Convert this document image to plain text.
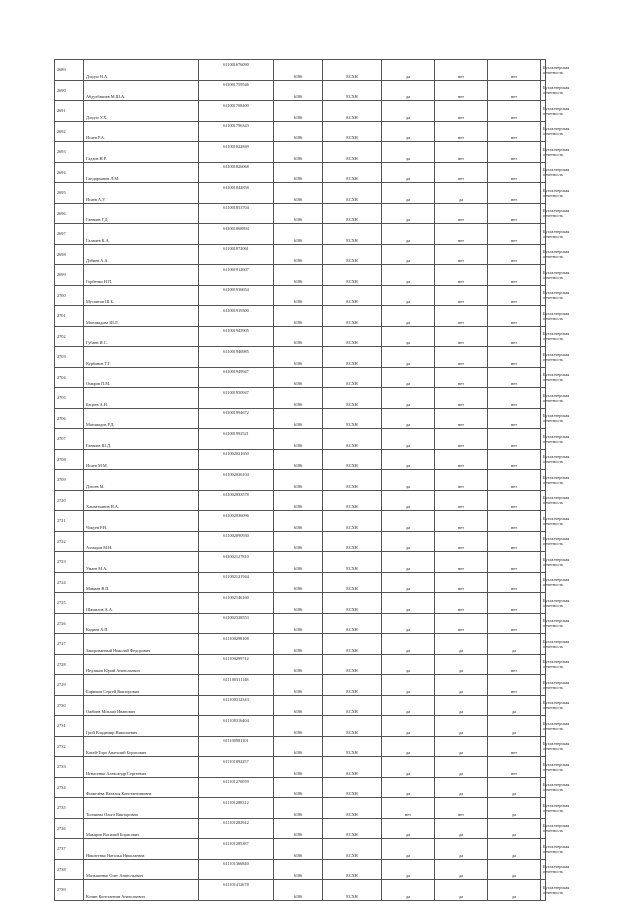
2689	Дзодзо Н.А.	611001676090	6186	ЕСХН	да	нет	нет	Бухгалтерская отчетность
2690	Абдулбакиев М.Ш.А.	611001759546	6186	ЕСХН	да	нет	нет	Бухгалтерская отчетность
2691	Дзодзо У.Х.	611001768400	6186	ЕСХН	да	нет	нет	Бухгалтерская отчетность
2692	Исаев Р.А.	611001796343	6186	ЕСХН	да	нет	нет	Бухгалтерская отчетность
2693	Гадзов Н.Р.	611001822849	6186	ЕСХН	да	нет	нет	Бухгалтерская отчетность
2694	Гандарханов Л.М.	611001826068	6186	ЕСХН	да	нет	нет	Бухгалтерская отчетность
2695	Исаев А.У.	611001842858	6186	ЕСХН	да	да	нет	Бухгалтерская отчетность
2696	Гаевиев Г.Д.	611001853704	6186	ЕСХН	да	нет	нет	Бухгалтерская отчетность
2697	Галаиев К.А.	611001868894	6186	ЕСХН	да	нет	нет	Бухгалтерская отчетность
2698	Дзбиев А.А.	611001872061	6186	ЕСХН	да	нет	нет	Бухгалтерская отчетность
2699	Горбенко Н.П.	611001912607	6186	ЕСХН	да	нет	нет	Бухгалтерская отчетность
2700	Мусаитов Ш.Б.	611001916654	6186	ЕСХН	да	нет	нет	Бухгалтерская отчетность
2701	Магомадова Ш.Л.	611001919300	6186	ЕСХН	да	нет	нет	Бухгалтерская отчетность
2702	Губаев И.С.	611001945905	6186	ЕСХН	да	нет	нет	Бухгалтерская отчетность
2703	Курбанов Т.Г.	611001946985	6186	ЕСХН	да	нет	нет	Бухгалтерская отчетность
2704	Омаров П.М.	611001949947	6186	ЕСХН	да	нет	нет	Бухгалтерская отчетность
2705	Бецаев А.Н.	611001950947	6186	ЕСХН	да	нет	нет	Бухгалтерская отчетность
2706	Магомадов Р.Д.	611001994672	6186	ЕСХН	да	нет	нет	Бухгалтерская отчетность
2707	Гаевиев Ш.Д.	611001992521	6186	ЕСХН	да	нет	нет	Бухгалтерская отчетность
2708	Исаев М.М.	611002021650	6186	ЕСХН	да	нет	нет	Бухгалтерская отчетность
2709	Дзгоев М.	611002026104	6186	ЕСХН	да	нет	нет	Бухгалтерская отчетность
2720	Хамзатханов Н.А.	611002033578	6186	ЕСХН	да	нет	нет	Бухгалтерская отчетность
2721	Чокуев Р.Н.	611002036096	6186	ЕСХН	да	нет	нет	Бухгалтерская отчетность
2722	Ахмадов М.Н.	611002090930	6186	ЕСХН	да	нет	нет	Бухгалтерская отчетность
2723	Умаев М.А.	611002127810	6186	ЕСХН	да	нет	нет	Бухгалтерская отчетность
2724	Мамаев В.П.	611002121944	6186	ЕСХН	да	нет	нет	Бухгалтерская отчетность
2725	Шамилов А.А.	611002146160	6186	ЕСХН	да	нет	нет	Бухгалтерская отчетность
2726	Кадиев А.П.	611002328553	6186	ЕСХН	да	нет	нет	Бухгалтерская отчетность
2727	Закорованный Николай Федорович	611100298108	6186	ЕСХН	да	да	да	Бухгалтерская отчетность
2728	Недзяков Юрий Анатольевич	611100299712	6186	ЕСХН	да	да	нет	Бухгалтерская отчетность
2729	Бирюков Сергей Викторович	611100311148	6186	ЕСХН	да	да	нет	Бухгалтерская отчетность
2730	Ожбиев Михаил Иванович	611100312343	6186	ЕСХН	да	да	да	Бухгалтерская отчетность
2731	Грой Владимир Николаевич	611100316404	6186	ЕСХН	да	да	да	Бухгалтерская отчетность
2732	Катай-Тора Анатолий Борисович	611100981101	6186	ЕСХН	да	да	нет	Бухгалтерская отчетность
2733	Игнасенко Александр Сергеевич	611101092257	6186	ЕСХН	да	да	нет	Бухгалтерская отчетность
2734	Фомичёва Наталья Константиновна	611101270059	6186	ЕСХН	да	да	да	Бухгалтерская отчетность
2735	Топчиева Ольга Викторовна	611101288312	6186	ЕСХН	нет	нет	да	Бухгалтерская отчетность
2736	Макаров Василий Борисович	611101282942	6186	ЕСХН	да	да	да	Бухгалтерская отчетность
2737	Никитенко Наталья Николаевна	611101285387	6186	ЕСХН	да	да	да	Бухгалтерская отчетность
2738	Малышенко Олег Анатольевич	611101366840	6186	ЕСХН	да	да	да	Бухгалтерская отчетность
2739	Кочин Константин Анатольевич	611101412678	6186	ЕСХН	да	да	да	Бухгалтерская отчетность
